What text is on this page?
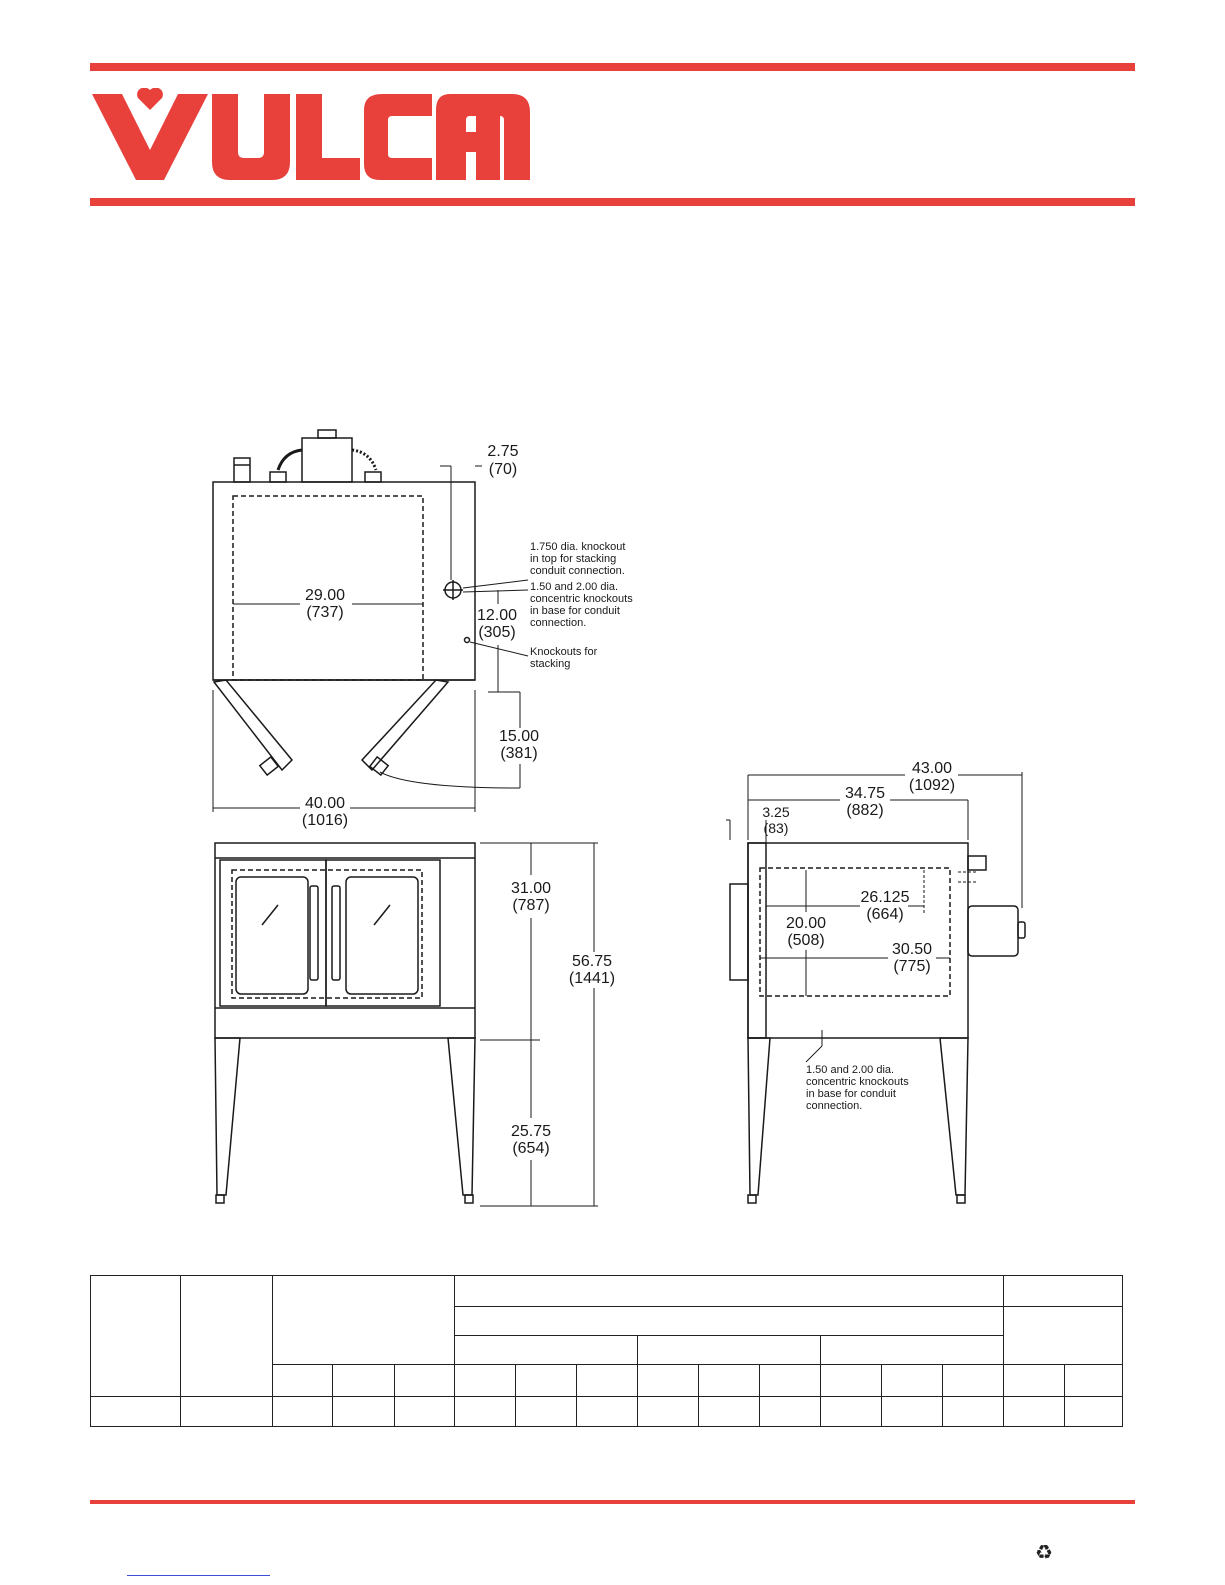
2.75
(70)
29.00
(737)	12.00
(305)
15.00
(381)
40.00
(1016)
1.750 dia. knockout
in top for stacking
conduit connection.
1.50 and 2.00 dia.
concentric knockouts
in base for conduit
connection.
Knockouts for
stacking
31.00
(787)
56.75
(1441)
25.75
(654)
43.00
(1092)
34.75
(882)
26.125
(664)
20.00
(508)
30.50
(775)
3.25
(83)
1.50 and 2.00 dia.
concentric knockouts
in base for conduit
connection.

♻
